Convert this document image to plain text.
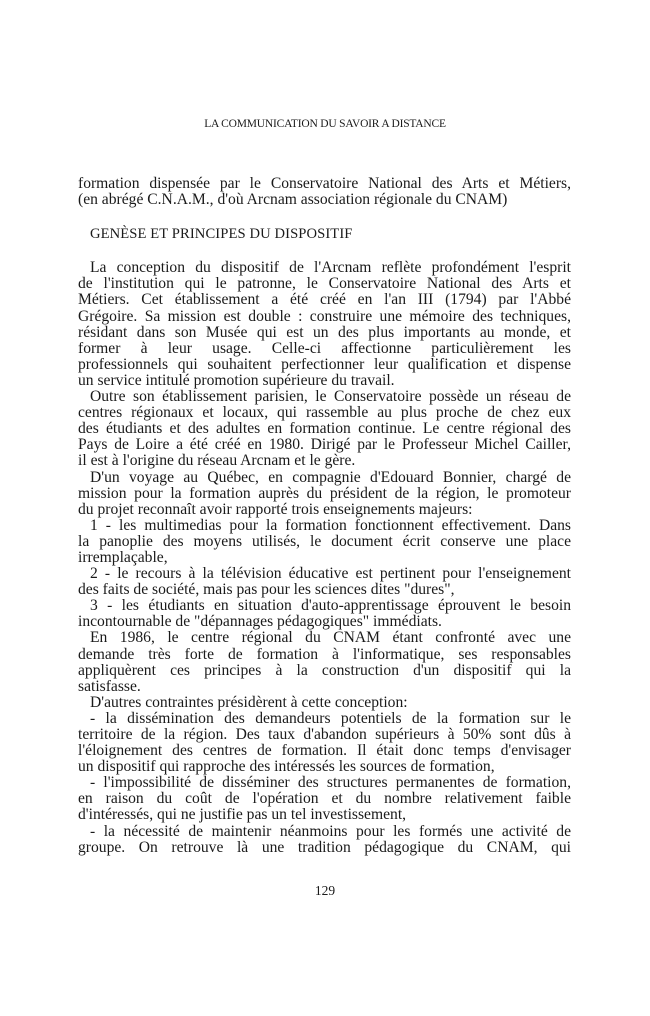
LA COMMUNICATION DU SAVOIR A DISTANCE
formation dispensée par le Conservatoire National des Arts et Métiers,
(en abrégé C.N.A.M., d'où Arcnam association régionale du CNAM)
GENÈSE ET PRINCIPES DU DISPOSITIF
La conception du dispositif de l'Arcnam reflète profondément l'esprit
de l'institution qui le patronne, le Conservatoire National des Arts et
Métiers. Cet établissement a été créé en l'an III (1794) par l'Abbé
Grégoire. Sa mission est double : construire une mémoire des techniques,
résidant dans son Musée qui est un des plus importants au monde, et
former à leur usage. Celle-ci affectionne particulièrement les
professionnels qui souhaitent perfectionner leur qualification et dispense
un service intitulé promotion supérieure du travail.
Outre son établissement parisien, le Conservatoire possède un réseau de
centres régionaux et locaux, qui rassemble au plus proche de chez eux
des étudiants et des adultes en formation continue. Le centre régional des
Pays de Loire a été créé en 1980. Dirigé par le Professeur Michel Cailler,
il est à l'origine du réseau Arcnam et le gère.
D'un voyage au Québec, en compagnie d'Edouard Bonnier, chargé de
mission pour la formation auprès du président de la région, le promoteur
du projet reconnaît avoir rapporté trois enseignements majeurs:
1 - les multimedias pour la formation fonctionnent effectivement. Dans
la panoplie des moyens utilisés, le document écrit conserve une place
irremplaçable,
2 - le recours à la télévision éducative est pertinent pour l'enseignement
des faits de société, mais pas pour les sciences dites "dures",
3 - les étudiants en situation d'auto-apprentissage éprouvent le besoin
incontournable de "dépannages pédagogiques" immédiats.
En 1986, le centre régional du CNAM étant confronté avec une
demande très forte de formation à l'informatique, ses responsables
appliquèrent ces principes à la construction d'un dispositif qui la
satisfasse.
D'autres contraintes présidèrent à cette conception:
- la dissémination des demandeurs potentiels de la formation sur le
territoire de la région. Des taux d'abandon supérieurs à 50% sont dûs à
l'éloignement des centres de formation. Il était donc temps d'envisager
un dispositif qui rapproche des intéressés les sources de formation,
- l'impossibilité de disséminer des structures permanentes de formation,
en raison du coût de l'opération et du nombre relativement faible
d'intéressés, qui ne justifie pas un tel investissement,
- la nécessité de maintenir néanmoins pour les formés une activité de
groupe. On retrouve là une tradition pédagogique du CNAM, qui
129
